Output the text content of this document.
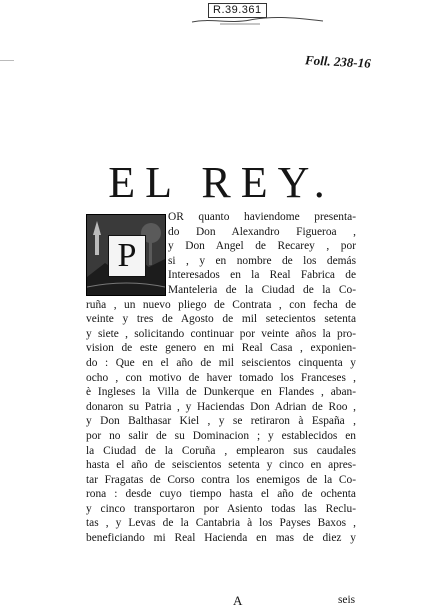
R.39.361
Foll. 238-16
EL REY.
P
OR quanto haviendome presenta-
do Don Alexandro Figueroa ,
y Don Angel de Recarey , por
si , y en nombre de los demás
Interesados en la Real Fabrica de
Manteleria de la Ciudad de la Co-
ruña , un nuevo pliego de Contrata , con fecha de
veinte y tres de Agosto de mil setecientos setenta
y siete , solicitando continuar por veinte años la pro-
vision de este genero en mi Real Casa , exponien-
do : Que en el año de mil seiscientos cinquenta y
ocho , con motivo de haver tomado los Franceses ,
è Ingleses la Villa de Dunkerque en Flandes , aban-
donaron su Patria , y Haciendas Don Adrian de Roo ,
y Don Balthasar Kiel , y se retiraron à España ,
por no salir de su Dominacion ; y establecidos en
la Ciudad de la Coruña , emplearon sus caudales
hasta el año de seiscientos setenta y cinco en apres-
tar Fragatas de Corso contra los enemigos de la Co-
rona : desde cuyo tiempo hasta el año de ochenta
y cinco transportaron por Asiento todas las Reclu-
tas , y Levas de la Cantabria à los Payses Baxos ,
beneficiando mi Real Hacienda en mas de diez y
A	seis
